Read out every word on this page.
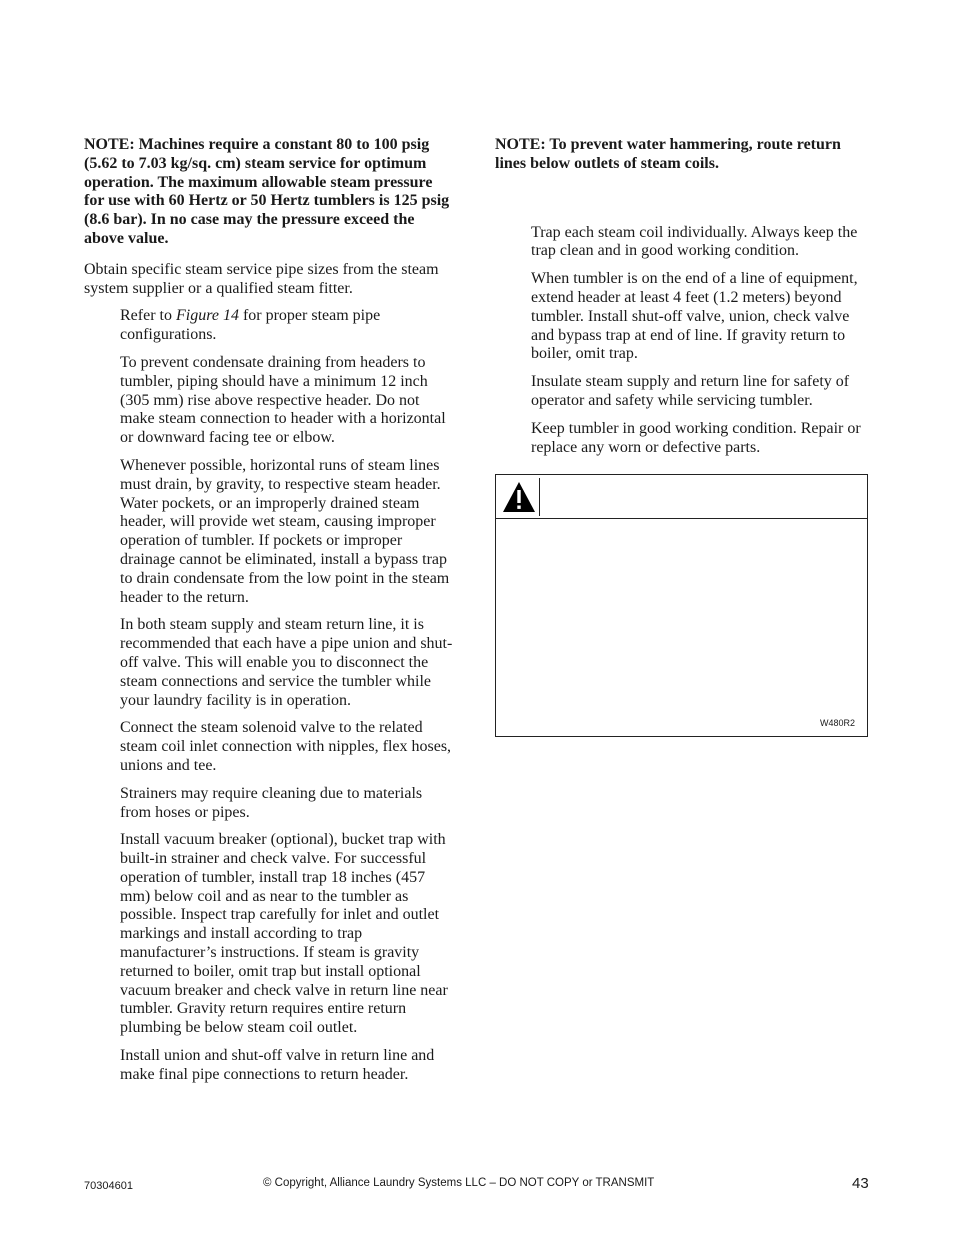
NOTE: Machines require a constant 80 to 100 psig (5.62 to 7.03 kg/sq. cm) steam service for optimum operation. The maximum allowable steam pressure for use with 60 Hertz or 50 Hertz tumblers is 125 psig (8.6 bar). In no case may the pressure exceed the above value.

Obtain specific steam service pipe sizes from the steam system supplier or a qualified steam fitter.

Refer to Figure 14 for proper steam pipe configurations.

To prevent condensate draining from headers to tumbler, piping should have a minimum 12 inch (305 mm) rise above respective header. Do not make steam connection to header with a horizontal or downward facing tee or elbow.

Whenever possible, horizontal runs of steam lines must drain, by gravity, to respective steam header. Water pockets, or an improperly drained steam header, will provide wet steam, causing improper operation of tumbler. If pockets or improper drainage cannot be eliminated, install a bypass trap to drain condensate from the low point in the steam header to the return.

In both steam supply and steam return line, it is recommended that each have a pipe union and shut-off valve. This will enable you to disconnect the steam connections and service the tumbler while your laundry facility is in operation.

Connect the steam solenoid valve to the related steam coil inlet connection with nipples, flex hoses, unions and tee.

Strainers may require cleaning due to materials from hoses or pipes.

Install vacuum breaker (optional), bucket trap with built-in strainer and check valve. For successful operation of tumbler, install trap 18 inches (457 mm) below coil and as near to the tumbler as possible. Inspect trap carefully for inlet and outlet markings and install according to trap manufacturer’s instructions. If steam is gravity returned to boiler, omit trap but install optional vacuum breaker and check valve in return line near tumbler. Gravity return requires entire return plumbing be below steam coil outlet.

Install union and shut-off valve in return line and make final pipe connections to return header.

NOTE: To prevent water hammering, route return lines below outlets of steam coils.

Trap each steam coil individually. Always keep the trap clean and in good working condition.

When tumbler is on the end of a line of equipment, extend header at least 4 feet (1.2 meters) beyond tumbler. Install shut-off valve, union, check valve and bypass trap at end of line. If gravity return to boiler, omit trap.

Insulate steam supply and return line for safety of operator and safety while servicing tumbler.

Keep tumbler in good working condition. Repair or replace any worn or defective parts.

W480R2
70304601	© Copyright, Alliance Laundry Systems LLC – DO NOT COPY or TRANSMIT	43
